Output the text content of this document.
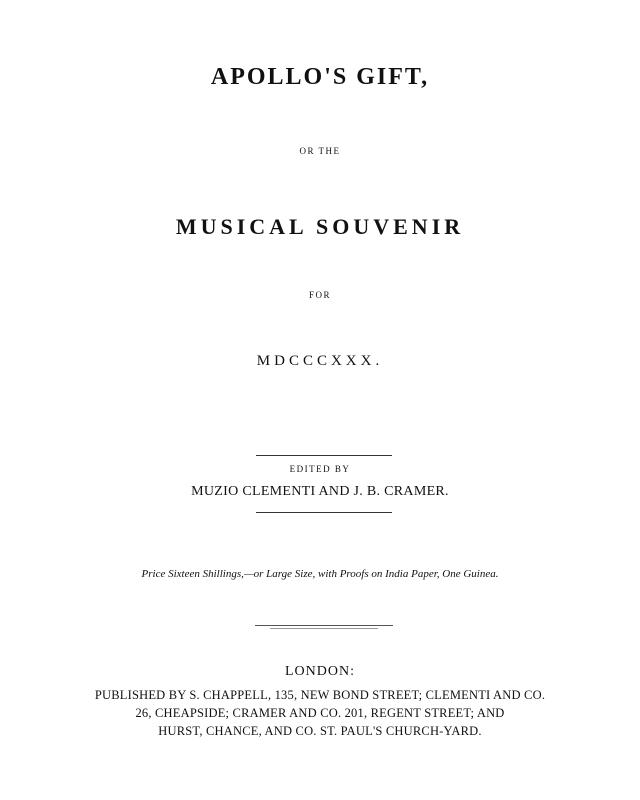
APOLLO'S GIFT,
OR THE
MUSICAL SOUVENIR
FOR
MDCCCXXX.
EDITED BY
MUZIO CLEMENTI AND J. B. CRAMER.
Price Sixteen Shillings,—or Large Size, with Proofs on India Paper, One Guinea.
LONDON:
PUBLISHED BY S. CHAPPELL, 135, NEW BOND STREET; CLEMENTI AND CO.
26, CHEAPSIDE; CRAMER AND CO. 201, REGENT STREET; AND
HURST, CHANCE, AND CO. ST. PAUL'S CHURCH-YARD.
